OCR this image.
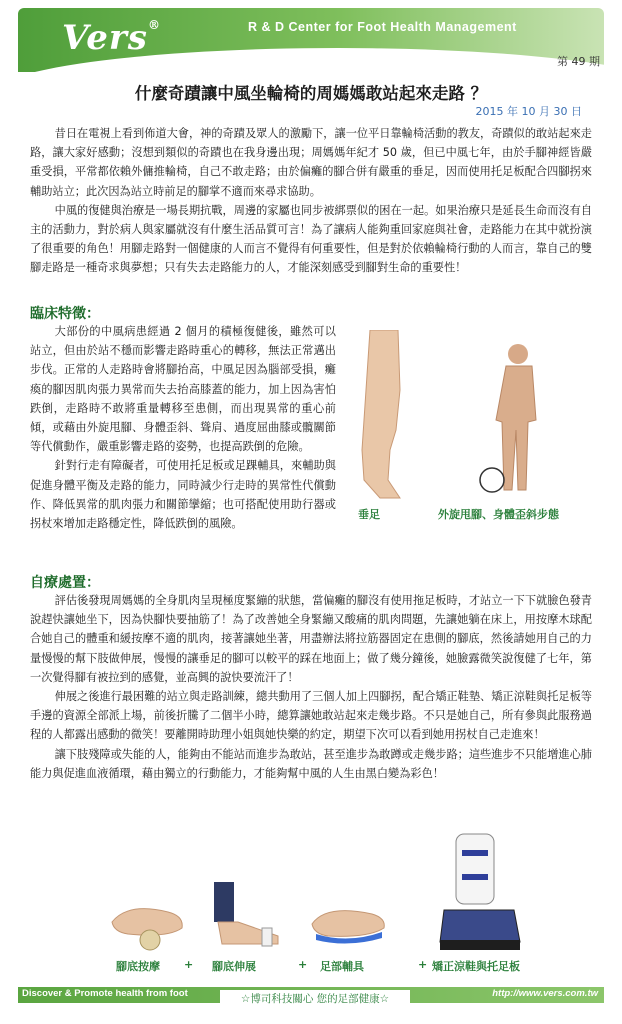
Vers®	R & D Center for Foot Health Management
第 49 期
什麼奇蹟讓中風坐輪椅的周媽媽敢站起來走路 ？
2015 年 10 月 30 日

昔日在電視上看到佈道大會，神的奇蹟及眾人的激勵下，讓一位平日靠輪椅活動的教友，奇蹟似的敢站起來走路，讓大家好感動；沒想到類似的奇蹟也在我身邊出現；周媽媽年紀才 50 歲，但已中風七年，由於手腳神經皆嚴重受損，平常都依賴外傭推輪椅，自己不敢走路；由於偏癱的腳合併有嚴重的垂足，因而使用托足板配合四腳拐來輔助站立；此次因為站立時前足的腳掌不適而來尋求協助。

中風的復健與治療是一場長期抗戰，周邊的家屬也同步被綁票似的困在一起。如果治療只是延長生命而沒有自主的活動力，對於病人與家屬就沒有什麼生活品質可言！為了讓病人能夠重回家庭與社會，走路能力在其中就扮演了很重要的角色！用腳走路對一個健康的人而言不覺得有何重要性，但是對於依賴輪椅行動的人而言，靠自己的雙腳走路是一種奇求與夢想；只有失去走路能力的人，才能深刻感受到腳對生命的重要性！

臨床特徵：

大部份的中風病患經過 2 個月的積極復健後，雖然可以站立，但由於站不穩而影響走路時重心的轉移，無法正常邁出步伐。正常的人走路時會將腳抬高，中風足因為腦部受損，癱瘓的腳因肌肉張力異常而失去抬高膝蓋的能力，加上因為害怕跌倒，走路時不敢將重量轉移至患側，而出現異常的重心前傾，或藉由外旋甩腳、身體歪斜、聳肩、過度屈曲膝或髖關節等代償動作，嚴重影響走路的姿勢，也提高跌倒的危險。

針對行走有障礙者，可使用托足板或足踝輔具，來輔助與促進身體平衡及走路的能力，同時減少行走時的異常性代償動作、降低異常的肌肉張力和關節攣縮；也可搭配使用助行器或拐杖來增加走路穩定性，降低跌倒的風險。

垂足	外旋甩腳、身體歪斜步態
自療處置：

評估後發現周媽媽的全身肌肉呈現極度緊繃的狀態，當偏癱的腳沒有使用拖足板時，才站立一下下就臉色發青說趕快讓她坐下，因為快腳快要抽筋了！為了改善她全身緊繃又酸痛的肌肉問題，先讓她躺在床上，用按摩木球配合她自己的體重和緩按摩不適的肌肉，接著讓她坐著，用盡辦法將拉筋器固定在患側的腳底，然後請她用自己的力量慢慢的幫下肢做伸展，慢慢的讓垂足的腳可以較平的踩在地面上；做了幾分鐘後，她臉露微笑說復健了七年，第一次覺得腳有被拉到的感覺，並高興的說快要流汗了！

伸展之後進行最困難的站立與走路訓練，總共動用了三個人加上四腳拐，配合矯正鞋墊、矯正涼鞋與托足板等手邊的資源全部派上場，前後折騰了二個半小時，總算讓她敢站起來走幾步路。不只是她自己，所有參與此服務過程的人都露出感動的微笑！要離開時助理小姐與她快樂的約定，期望下次可以看到她用拐杖自己走進來！

讓下肢殘障或失能的人，能夠由不能站而進步為敢站，甚至進步為敢蹲或走幾步路；這些進步不只能增進心肺能力與促進血液循環，藉由獨立的行動能力，才能夠幫中風的人生由黑白變為彩色！

腳底按摩 + 腳底伸展	+ 足部輔具	+ 矯正涼鞋與托足板
Discover & Promote health from foot	☆博司科技關心 您的足部健康☆	http://www.vers.com.tw
